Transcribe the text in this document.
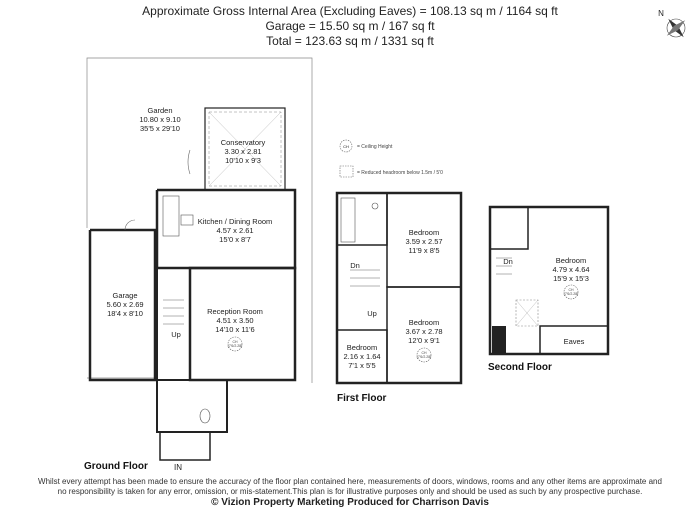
Approximate Gross Internal Area (Excluding Eaves) = 108.13 sq m / 1164 sq ft
Garage = 15.50 sq m / 167 sq ft
Total = 123.63 sq m / 1331 sq ft
N
CH = Ceiling Height
= Reduced headroom below 1.5m / 5'0
Garden
10.80 x 9.10
35'5 x 29'10
Conservatory
3.30 x 2.81
10'10 x 9'3
Kitchen / Dining Room
4.57 x 2.61
15'0 x 8'7
Garage
5.60 x 2.69
18'4 x 8'10	Reception Room
4.51 x 3.50
14'10 x 11'6
CH
(7'6/2.28)
Up
IN
Ground Floor
Bedroom
3.59 x 2.57
11'9 x 8'5
Bedroom
3.67 x 2.78
12'0 x 9'1
CH
(7'6/2.28)
Bedroom
2.16 x 1.64
7'1 x 5'5
Dn
Up
First Floor
Bedroom
4.79 x 4.64
15'9 x 15'3
CH
(7'6/2.28)
Dn
Eaves
Second Floor
Whilst every attempt has been made to ensure the accuracy of the floor plan contained here, measurements of doors, windows, rooms and any other items are approximate and
no responsibility is taken for any error, omission, or mis-statement.This plan is for illustrative purposes only and should be used as such by any prospective purchase.
© Vizion Property Marketing Produced for Charrison Davis
